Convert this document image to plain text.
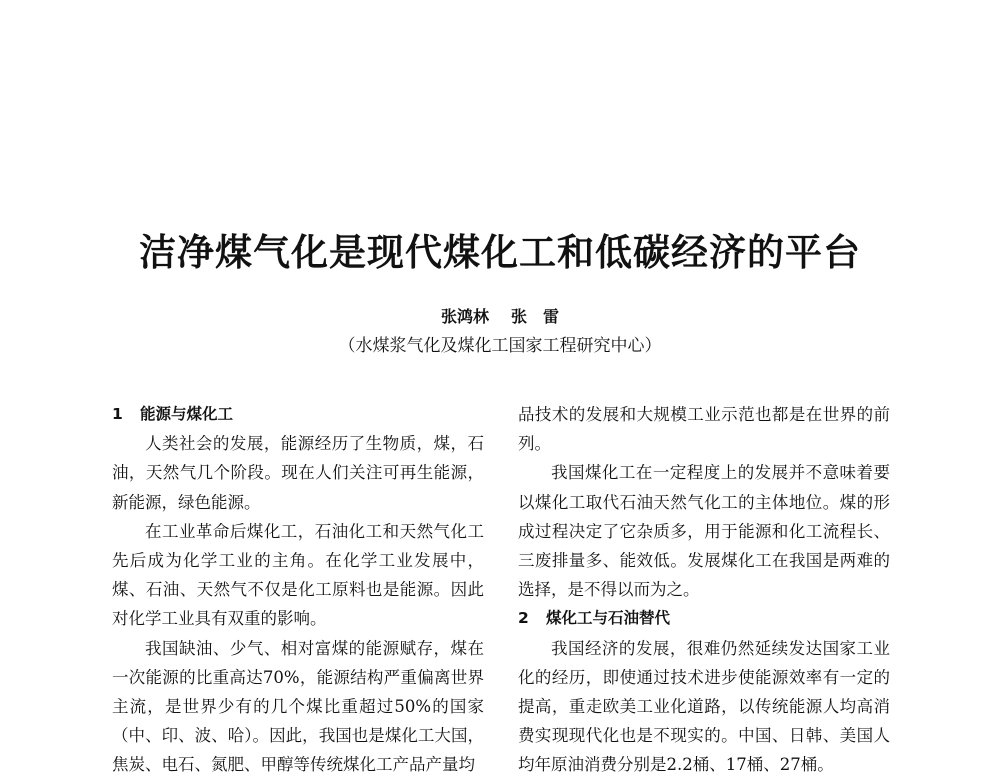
洁净煤气化是现代煤化工和低碳经济的平台
张鸿林 张　雷
（水煤浆气化及煤化工国家工程研究中心）
1 能源与煤化工

人类社会的发展，能源经历了生物质，煤，石油，天然气几个阶段。现在人们关注可再生能源，新能源，绿色能源。

在工业革命后煤化工，石油化工和天然气化工先后成为化学工业的主角。在化学工业发展中，煤、石油、天然气不仅是化工原料也是能源。因此对化学工业具有双重的影响。

我国缺油、少气、相对富煤的能源赋存，煤在一次能源的比重高达70%，能源结构严重偏离世界主流，是世界少有的几个煤比重超过50%的国家（中、印、波、哈）。因此，我国也是煤化工大国，焦炭、电石、氮肥、甲醇等传统煤化工产品产量均

品技术的发展和大规模工业示范也都是在世界的前列。

我国煤化工在一定程度上的发展并不意味着要以煤化工取代石油天然气化工的主体地位。煤的形成过程决定了它杂质多，用于能源和化工流程长、三废排量多、能效低。发展煤化工在我国是两难的选择，是不得以而为之。

2 煤化工与石油替代

我国经济的发展，很难仍然延续发达国家工业化的经历，即使通过技术进步使能源效率有一定的提高，重走欧美工业化道路，以传统能源人均高消费实现现代化也是不现实的。中国、日韩、美国人均年原油消费分别是2.2桶、17桶、27桶。
